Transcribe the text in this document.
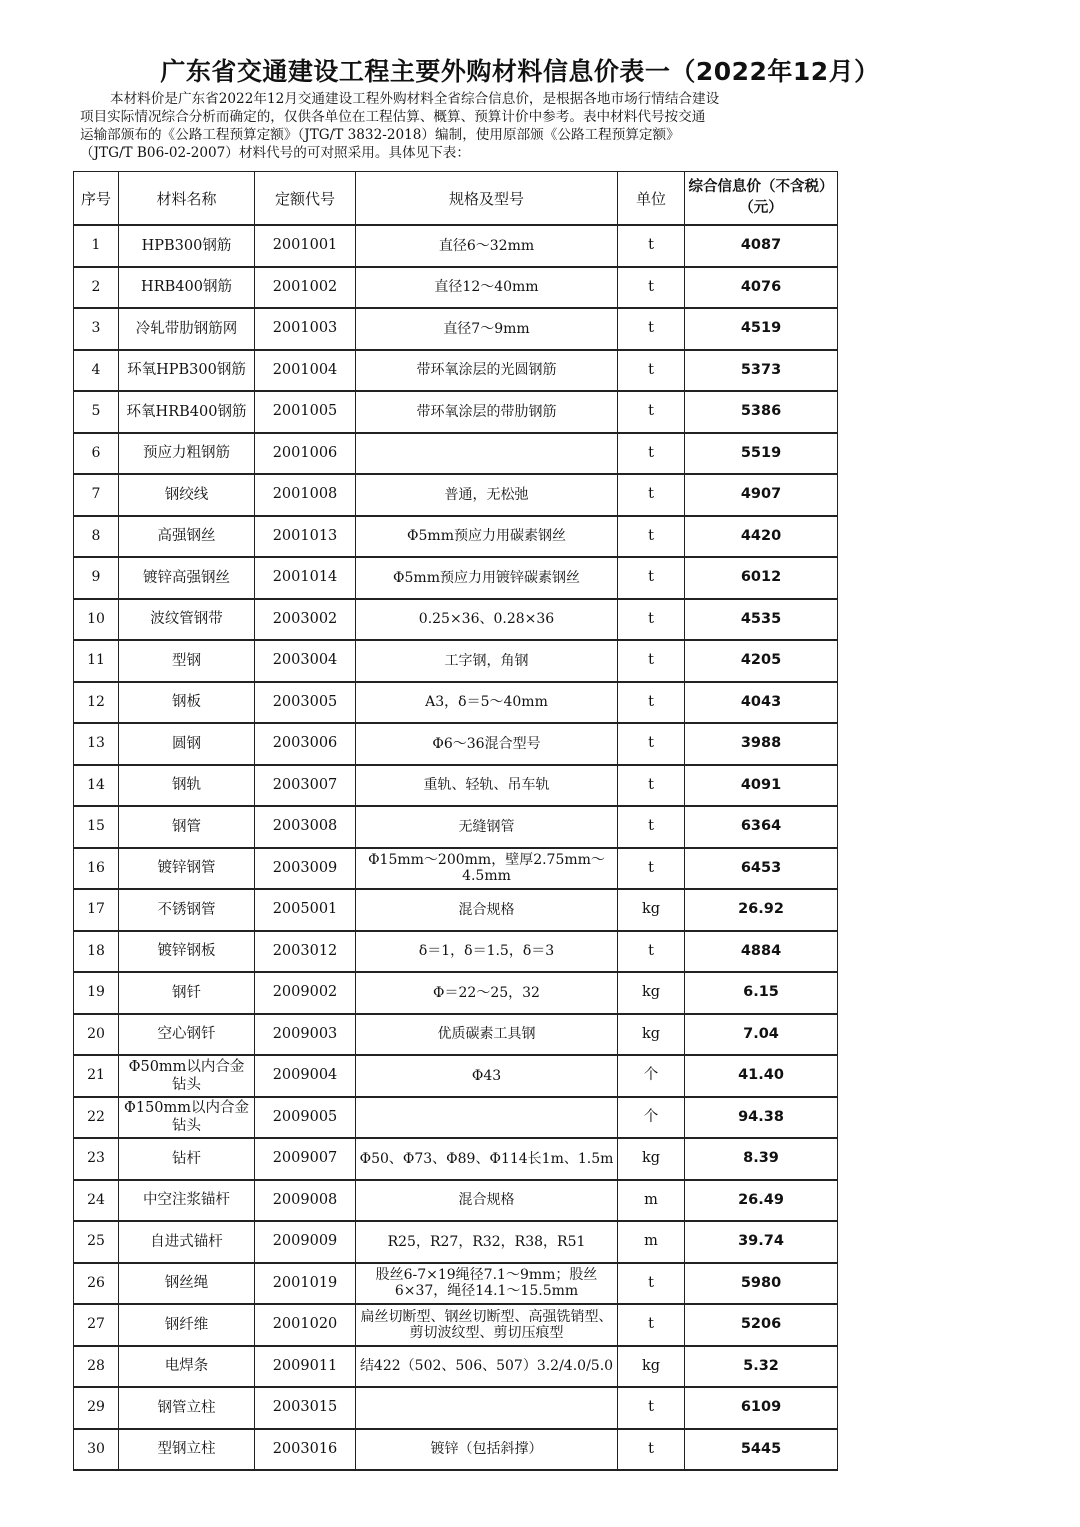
广东省交通建设工程主要外购材料信息价表一（2022年12月）

本材料价是广东省2022年12月交通建设工程外购材料全省综合信息价，是根据各地市场行情结合建设

项目实际情况综合分析而确定的，仅供各单位在工程估算、概算、预算计价中参考。表中材料代号按交通

运输部颁布的《公路工程预算定额》（JTG/T 3832-2018）编制，使用原部颁《公路工程预算定额》

（JTG/T B06-02-2007）材料代号的可对照采用。具体见下表：

序号	材料名称	定额代号	规格及型号	单位	综合信息价（不含税）（元）
1	HPB300钢筋	2001001	直径6～32mm	t	4087
2	HRB400钢筋	2001002	直径12～40mm	t	4076
3	冷轧带肋钢筋网	2001003	直径7～9mm	t	4519
4	环氧HPB300钢筋	2001004	带环氧涂层的光圆钢筋	t	5373
5	环氧HRB400钢筋	2001005	带环氧涂层的带肋钢筋	t	5386
6	预应力粗钢筋	2001006		t	5519
7	钢绞线	2001008	普通，无松弛	t	4907
8	高强钢丝	2001013	Φ5mm预应力用碳素钢丝	t	4420
9	镀锌高强钢丝	2001014	Φ5mm预应力用镀锌碳素钢丝	t	6012
10	波纹管钢带	2003002	0.25×36、0.28×36	t	4535
11	型钢	2003004	工字钢，角钢	t	4205
12	钢板	2003005	A3，δ＝5～40mm	t	4043
13	圆钢	2003006	Φ6～36混合型号	t	3988
14	钢轨	2003007	重轨、轻轨、吊车轨	t	4091
15	钢管	2003008	无缝钢管	t	6364
16	镀锌钢管	2003009	Φ15mm～200mm，壁厚2.75mm～4.5mm	t	6453
17	不锈钢管	2005001	混合规格	kg	26.92
18	镀锌钢板	2003012	δ＝1，δ＝1.5，δ＝3	t	4884
19	钢钎	2009002	Φ＝22～25，32	kg	6.15
20	空心钢钎	2009003	优质碳素工具钢	kg	7.04
21	Φ50mm以内合金钻头	2009004	Φ43	个	41.40
22	Φ150mm以内合金钻头	2009005		个	94.38
23	钻杆	2009007	Φ50、Φ73、Φ89、Φ114长1m、1.5m	kg	8.39
24	中空注浆锚杆	2009008	混合规格	m	26.49
25	自进式锚杆	2009009	R25，R27，R32，R38，R51	m	39.74
26	钢丝绳	2001019	股丝6-7×19绳径7.1～9mm；股丝6×37，绳径14.1～15.5mm	t	5980
27	钢纤维	2001020	扁丝切断型、钢丝切断型、高强铣销型、剪切波纹型、剪切压痕型	t	5206
28	电焊条	2009011	结422（502、506、507）3.2/4.0/5.0	kg	5.32
29	钢管立柱	2003015		t	6109
30	型钢立柱	2003016	镀锌（包括斜撑）	t	5445
